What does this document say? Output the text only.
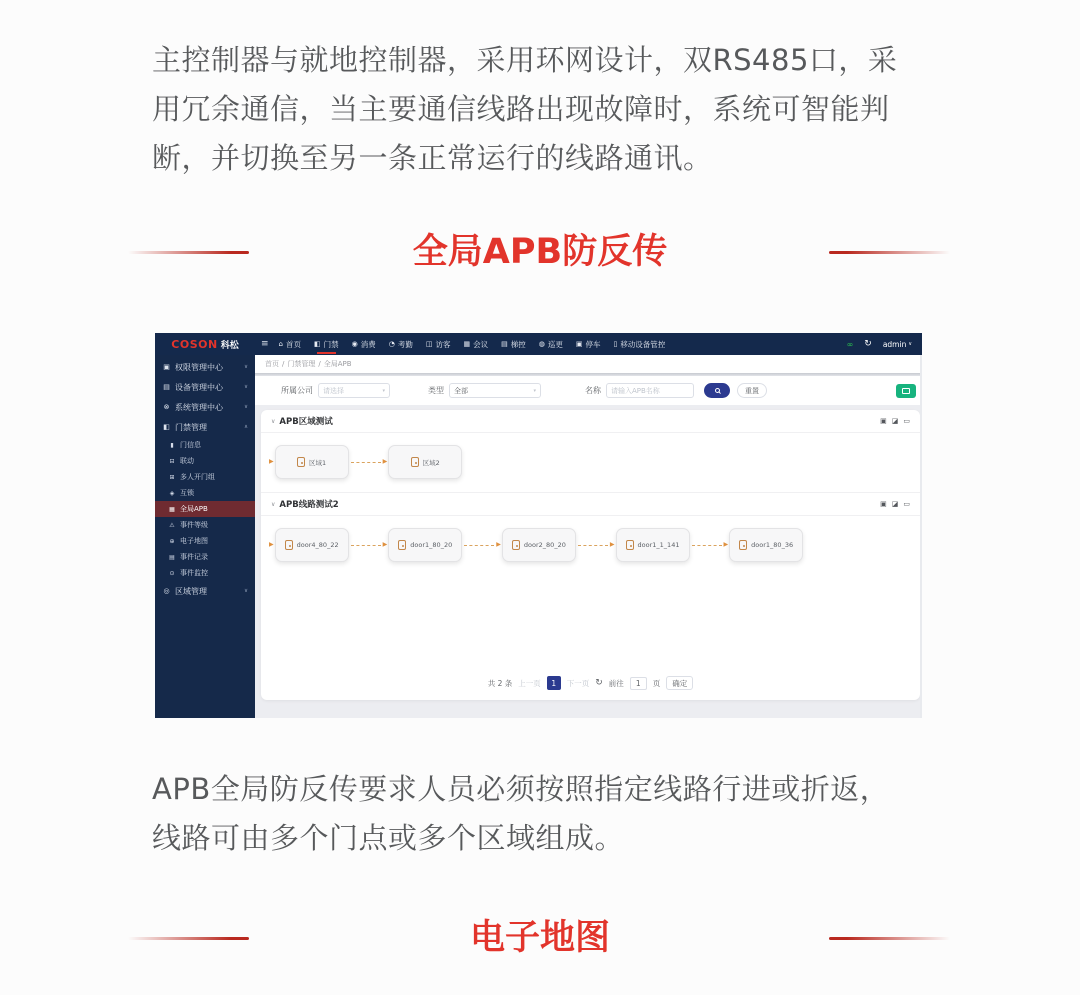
主控制器与就地控制器，采用环网设计，双RS485口，采
用冗余通信，当主要通信线路出现故障时，系统可智能判
断，并切换至另一条正常运行的线路通讯。
全局APB防反传
COSON 科松 ≡ ⌂ 首页 ◧ 门禁 ◉ 消费 ◔ 考勤 ◫ 访客 ▦ 会议 ▤ 梯控 ◍ 巡更 ▣ 停车 ▯ 移动设备管控	∞ ↻ admin ∨
▣ 权限管理中心	∨
▤ 设备管理中心	∨
⊗ 系统管理中心	∨
◧ 门禁管理	∧
▮ 门信息
⊟ 联动
⊞ 多人开门组
◈ 互锁
▦ 全局APB
⚠ 事件等级
⊕ 电子地图
▤ 事件记录
⊙ 事件监控
◎ 区域管理	∨
首页 / 门禁管理 / 全局APB
所属公司 请选择	▾	类型 全部	▾	名称
请输入APB名称	重置
∨ APB区域测试	▣ ◪ ▭
▶	区域1	▶	区域2
∨ APB线路测试2	▣ ◪ ▭
▶	door4_80_22	▶	door1_80_20	▶	door2_80_20	▶	door1_1_141	▶	door1_80_36
共 2 条 上一页	1	下一页 ↻ 前往
1	页	确定
APB全局防反传要求人员必须按照指定线路行进或折返，
线路可由多个门点或多个区域组成。
电子地图
